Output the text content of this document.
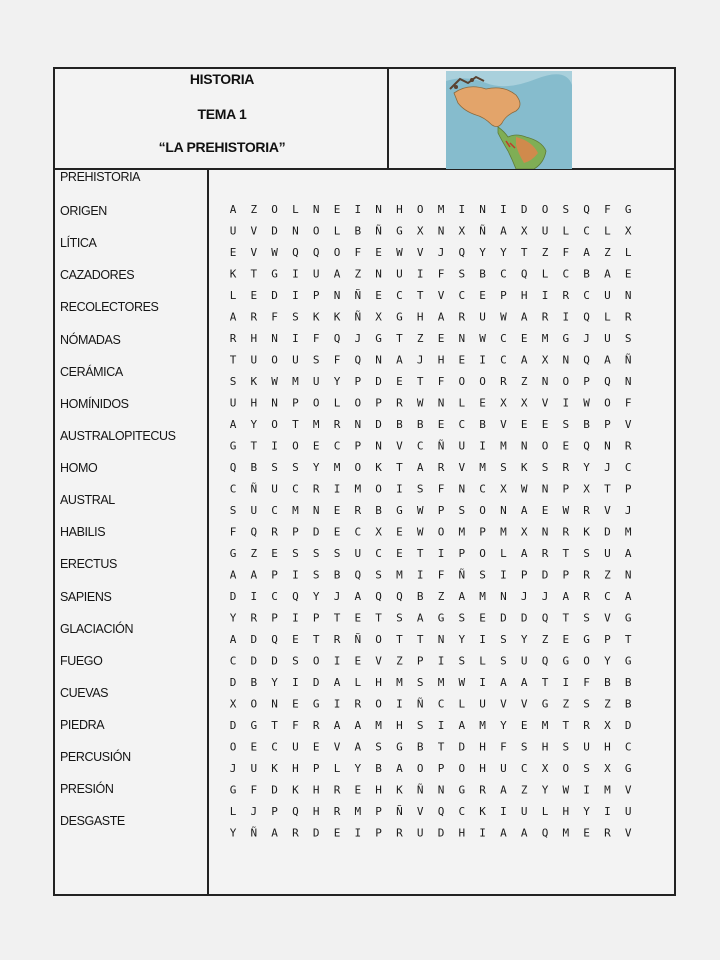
HISTORIA
TEMA 1
“LA PREHISTORIA”
PREHISTORIA
ORIGEN
LÍTICA
CAZADORES
RECOLECTORES
NÓMADAS
CERÁMICA
HOMÍNIDOS
AUSTRALOPITECUS
HOMO
AUSTRAL
HABILIS
ERECTUS
SAPIENS
GLACIACIÓN
FUEGO
CUEVAS
PIEDRA
PERCUSIÓN
PRESIÓN
DESGASTE
A Z O L N E I N H O M I N I D O S Q F G
U V D N O L B Ñ G X N X Ñ A X U L C L X
E V W Q Q O F E W V J Q Y Y T Z F A Z L
K T G I U A Z N U I F S B C Q L C B A E
L E D I P N Ñ E C T V C E P H I R C U N
A R F S K K Ñ X G H A R U W A R I Q L R
R H N I F Q J G T Z E N W C E M G J U S
T U O U S F Q N A J H E I C A X N Q A Ñ
S K W M U Y P D E T F O O R Z N O P Q N
U H N P O L O P R W N L E X X V I W O F
A Y O T M R N D B B E C B V E E S B P V
G T I O E C P N V C Ñ U I M N O E Q N R
Q B S S Y M O K T A R V M S K S R Y J C
C Ñ U C R I M O I S F N C X W N P X T P
S U C M N E R B G W P S O N A E W R V J
F Q R P D E C X E W O M P M X N R K D M
G Z E S S S U C E T I P O L A R T S U A
A A P I S B Q S M I F Ñ S I P D P R Z N
D I C Q Y J A Q Q B Z A M N J J A R C A
Y R P I P T E T S A G S E D D Q T S V G
A D Q E T R Ñ O T T N Y I S Y Z E G P T
C D D S O I E V Z P I S L S U Q G O Y G
D B Y I D A L H M S M W I A A T I F B B
X O N E G I R O I Ñ C L U V V G Z S Z B
D G T F R A A M H S I A M Y E M T R X D
O E C U E V A S G B T D H F S H S U H C
J U K H P L Y B A O P O H U C X O S X G
G F D K H R E H K Ñ N G R A Z Y W I M V
L J P Q H R M P Ñ V Q C K I U L H Y I U
Y Ñ A R D E I P R U D H I A A Q M E R V
